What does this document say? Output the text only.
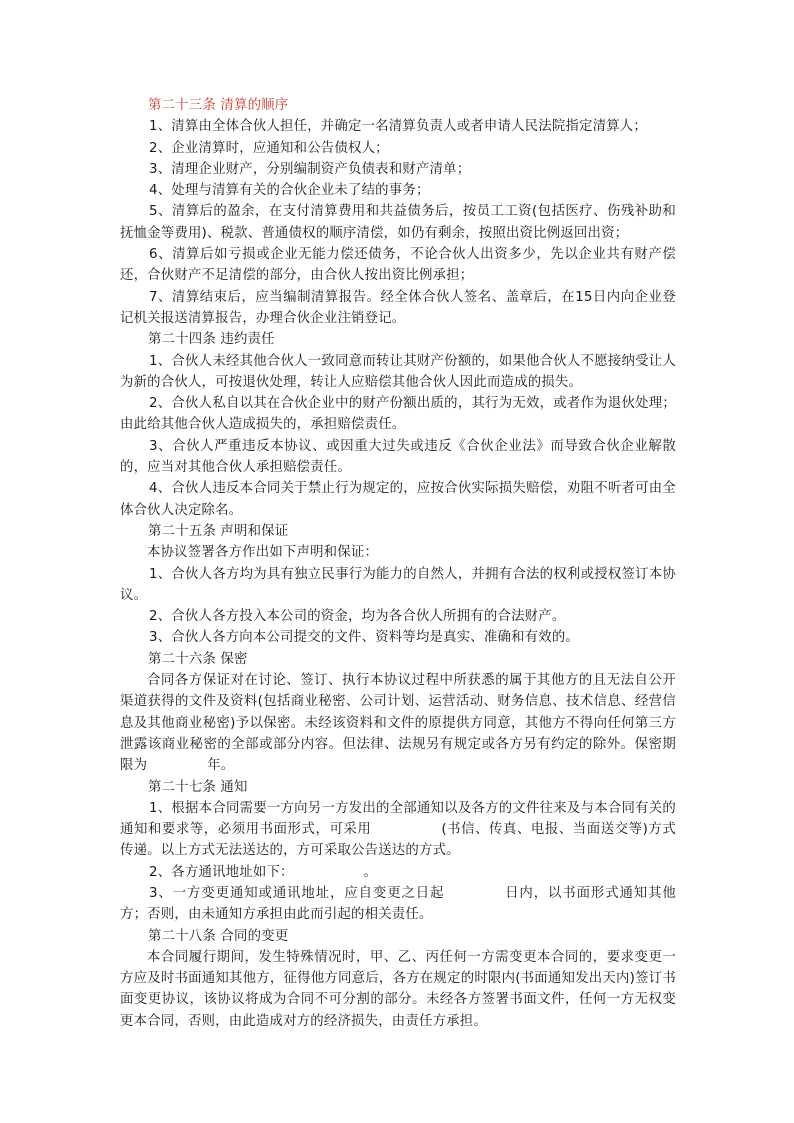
第二十三条 清算的顺序

1、清算由全体合伙人担任，并确定一名清算负责人或者申请人民法院指定清算人；

2、企业清算时，应通知和公告债权人；

3、清理企业财产，分别编制资产负债表和财产清单；

4、处理与清算有关的合伙企业未了结的事务；

5、清算后的盈余，在支付清算费用和共益债务后，按员工工资(包括医疗、伤残补助和抚恤金等费用)、税款、普通债权的顺序清偿，如仍有剩余，按照出资比例返回出资；

6、清算后如亏损或企业无能力偿还债务，不论合伙人出资多少，先以企业共有财产偿还，合伙财产不足清偿的部分，由合伙人按出资比例承担；

7、清算结束后，应当编制清算报告。经全体合伙人签名、盖章后，在15日内向企业登记机关报送清算报告，办理合伙企业注销登记。

第二十四条 违约责任

1、合伙人未经其他合伙人一致同意而转让其财产份额的，如果他合伙人不愿接纳受让人为新的合伙人，可按退伙处理，转让人应赔偿其他合伙人因此而造成的损失。

2、合伙人私自以其在合伙企业中的财产份额出质的，其行为无效，或者作为退伙处理；由此给其他合伙人造成损失的，承担赔偿责任。

3、合伙人严重违反本协议、或因重大过失或违反《合伙企业法》而导致合伙企业解散的，应当对其他合伙人承担赔偿责任。

4、合伙人违反本合同关于禁止行为规定的，应按合伙实际损失赔偿，劝阻不听者可由全体合伙人决定除名。

第二十五条 声明和保证

本协议签署各方作出如下声明和保证：

1、合伙人各方均为具有独立民事行为能力的自然人，并拥有合法的权利或授权签订本协议。

2、合伙人各方投入本公司的资金，均为各合伙人所拥有的合法财产。

3、合伙人各方向本公司提交的文件、资料等均是真实、准确和有效的。

第二十六条 保密

合同各方保证对在讨论、签订、执行本协议过程中所获悉的属于其他方的且无法自公开渠道获得的文件及资料(包括商业秘密、公司计划、运营活动、财务信息、技术信息、经营信息及其他商业秘密)予以保密。未经该资料和文件的原提供方同意，其他方不得向任何第三方泄露该商业秘密的全部或部分内容。但法律、法规另有规定或各方另有约定的除外。保密期限为	年。

第二十七条 通知

1、根据本合同需要一方向另一方发出的全部通知以及各方的文件往来及与本合同有关的通知和要求等，必须用书面形式，可采用	(书信、传真、电报、当面送交等)方式传递。以上方式无法送达的，方可采取公告送达的方式。

2、各方通讯地址如下：	。

3、一方变更通知或通讯地址，应自变更之日起	日内，以书面形式通知其他方；否则，由未通知方承担由此而引起的相关责任。

第二十八条 合同的变更

本合同履行期间，发生特殊情况时，甲、乙、丙任何一方需变更本合同的，要求变更一方应及时书面通知其他方，征得他方同意后，各方在规定的时限内(书面通知发出天内)签订书面变更协议，该协议将成为合同不可分割的部分。未经各方签署书面文件，任何一方无权变更本合同，否则，由此造成对方的经济损失，由责任方承担。
